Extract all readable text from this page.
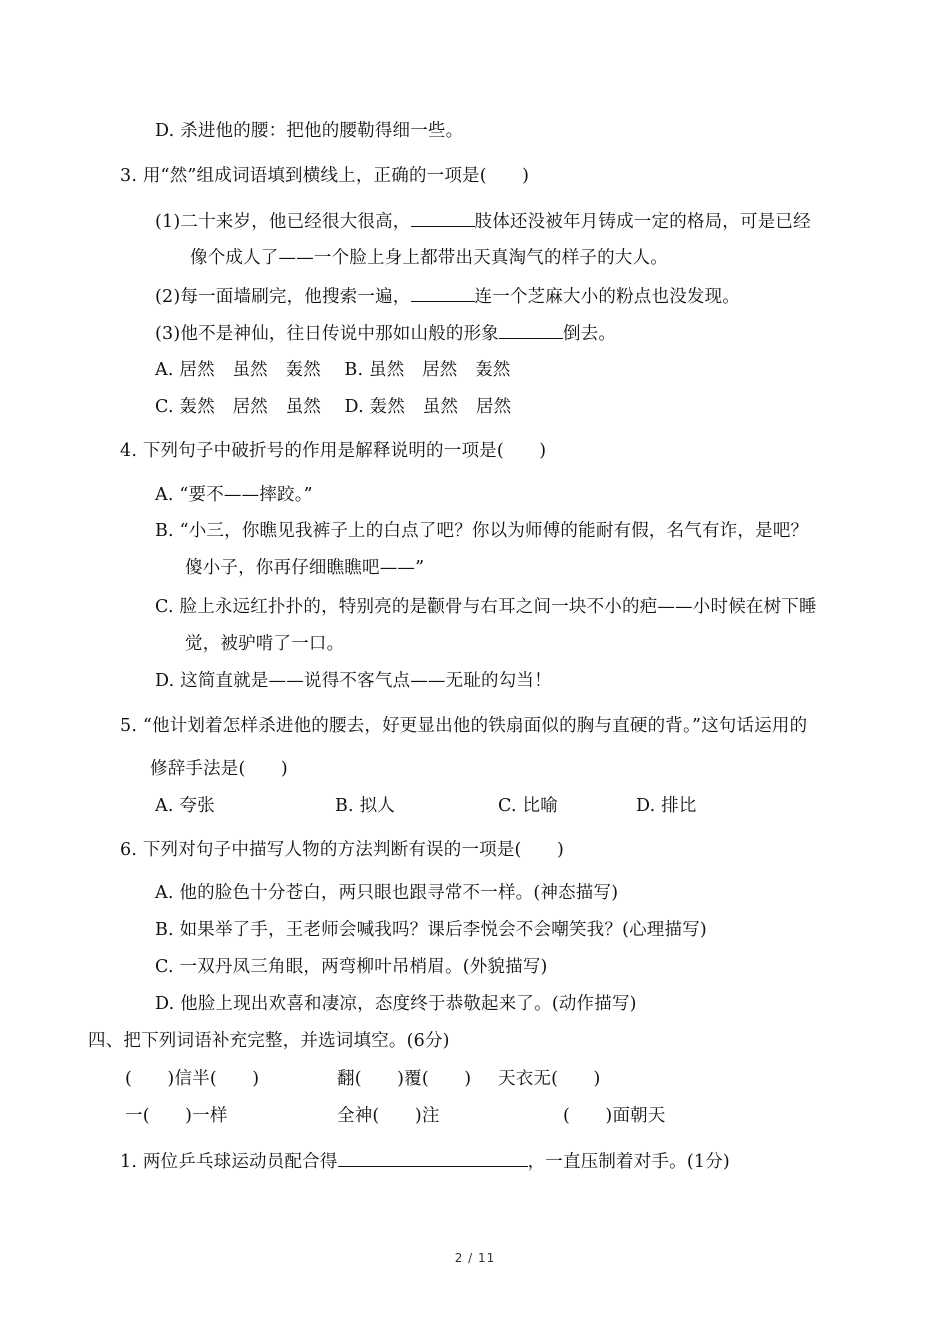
D. 杀进他的腰：把他的腰勒得细一些。
3. 用“然”组成词语填到横线上，正确的一项是(　　)
(1)二十来岁，他已经很大很高，	肢体还没被年月铸成一定的格局，可是已经
像个成人了——一个脸上身上都带出天真淘气的样子的大人。
(2)每一面墙刷完，他搜索一遍，	连一个芝麻大小的粉点也没发现。
(3)他不是神仙，往日传说中那如山般的形象	倒去。
A. 居然　虽然　轰然　 B. 虽然　居然　轰然
C. 轰然　居然　虽然　 D. 轰然　虽然　居然
4. 下列句子中破折号的作用是解释说明的一项是(　　)
A. “要不——摔跤。”
B. “小三，你瞧见我裤子上的白点了吧？你以为师傅的能耐有假，名气有诈，是吧？
傻小子，你再仔细瞧瞧吧——”
C. 脸上永远红扑扑的，特别亮的是颧骨与右耳之间一块不小的疤——小时候在树下睡
觉，被驴啃了一口。
D. 这简直就是——说得不客气点——无耻的勾当！
5. “他计划着怎样杀进他的腰去，好更显出他的铁扇面似的胸与直硬的背。”这句话运用的
修辞手法是(　　)
A. 夸张	B. 拟人	C. 比喻	D. 排比
6. 下列对句子中描写人物的方法判断有误的一项是(　　)
A. 他的脸色十分苍白，两只眼也跟寻常不一样。(神态描写)
B. 如果举了手，王老师会喊我吗？课后李悦会不会嘲笑我？(心理描写)
C. 一双丹凤三角眼，两弯柳叶吊梢眉。(外貌描写)
D. 他脸上现出欢喜和凄凉，态度终于恭敬起来了。(动作描写)
四、把下列词语补充完整，并选词填空。(6分)
(　　)信半(　　)	翻(　　)覆(　　) 天衣无(　　)
一(　　)一样	全神(　　)注	(　　)面朝天
1. 两位乒乓球运动员配合得	，一直压制着对手。(1分)
2 / 11
